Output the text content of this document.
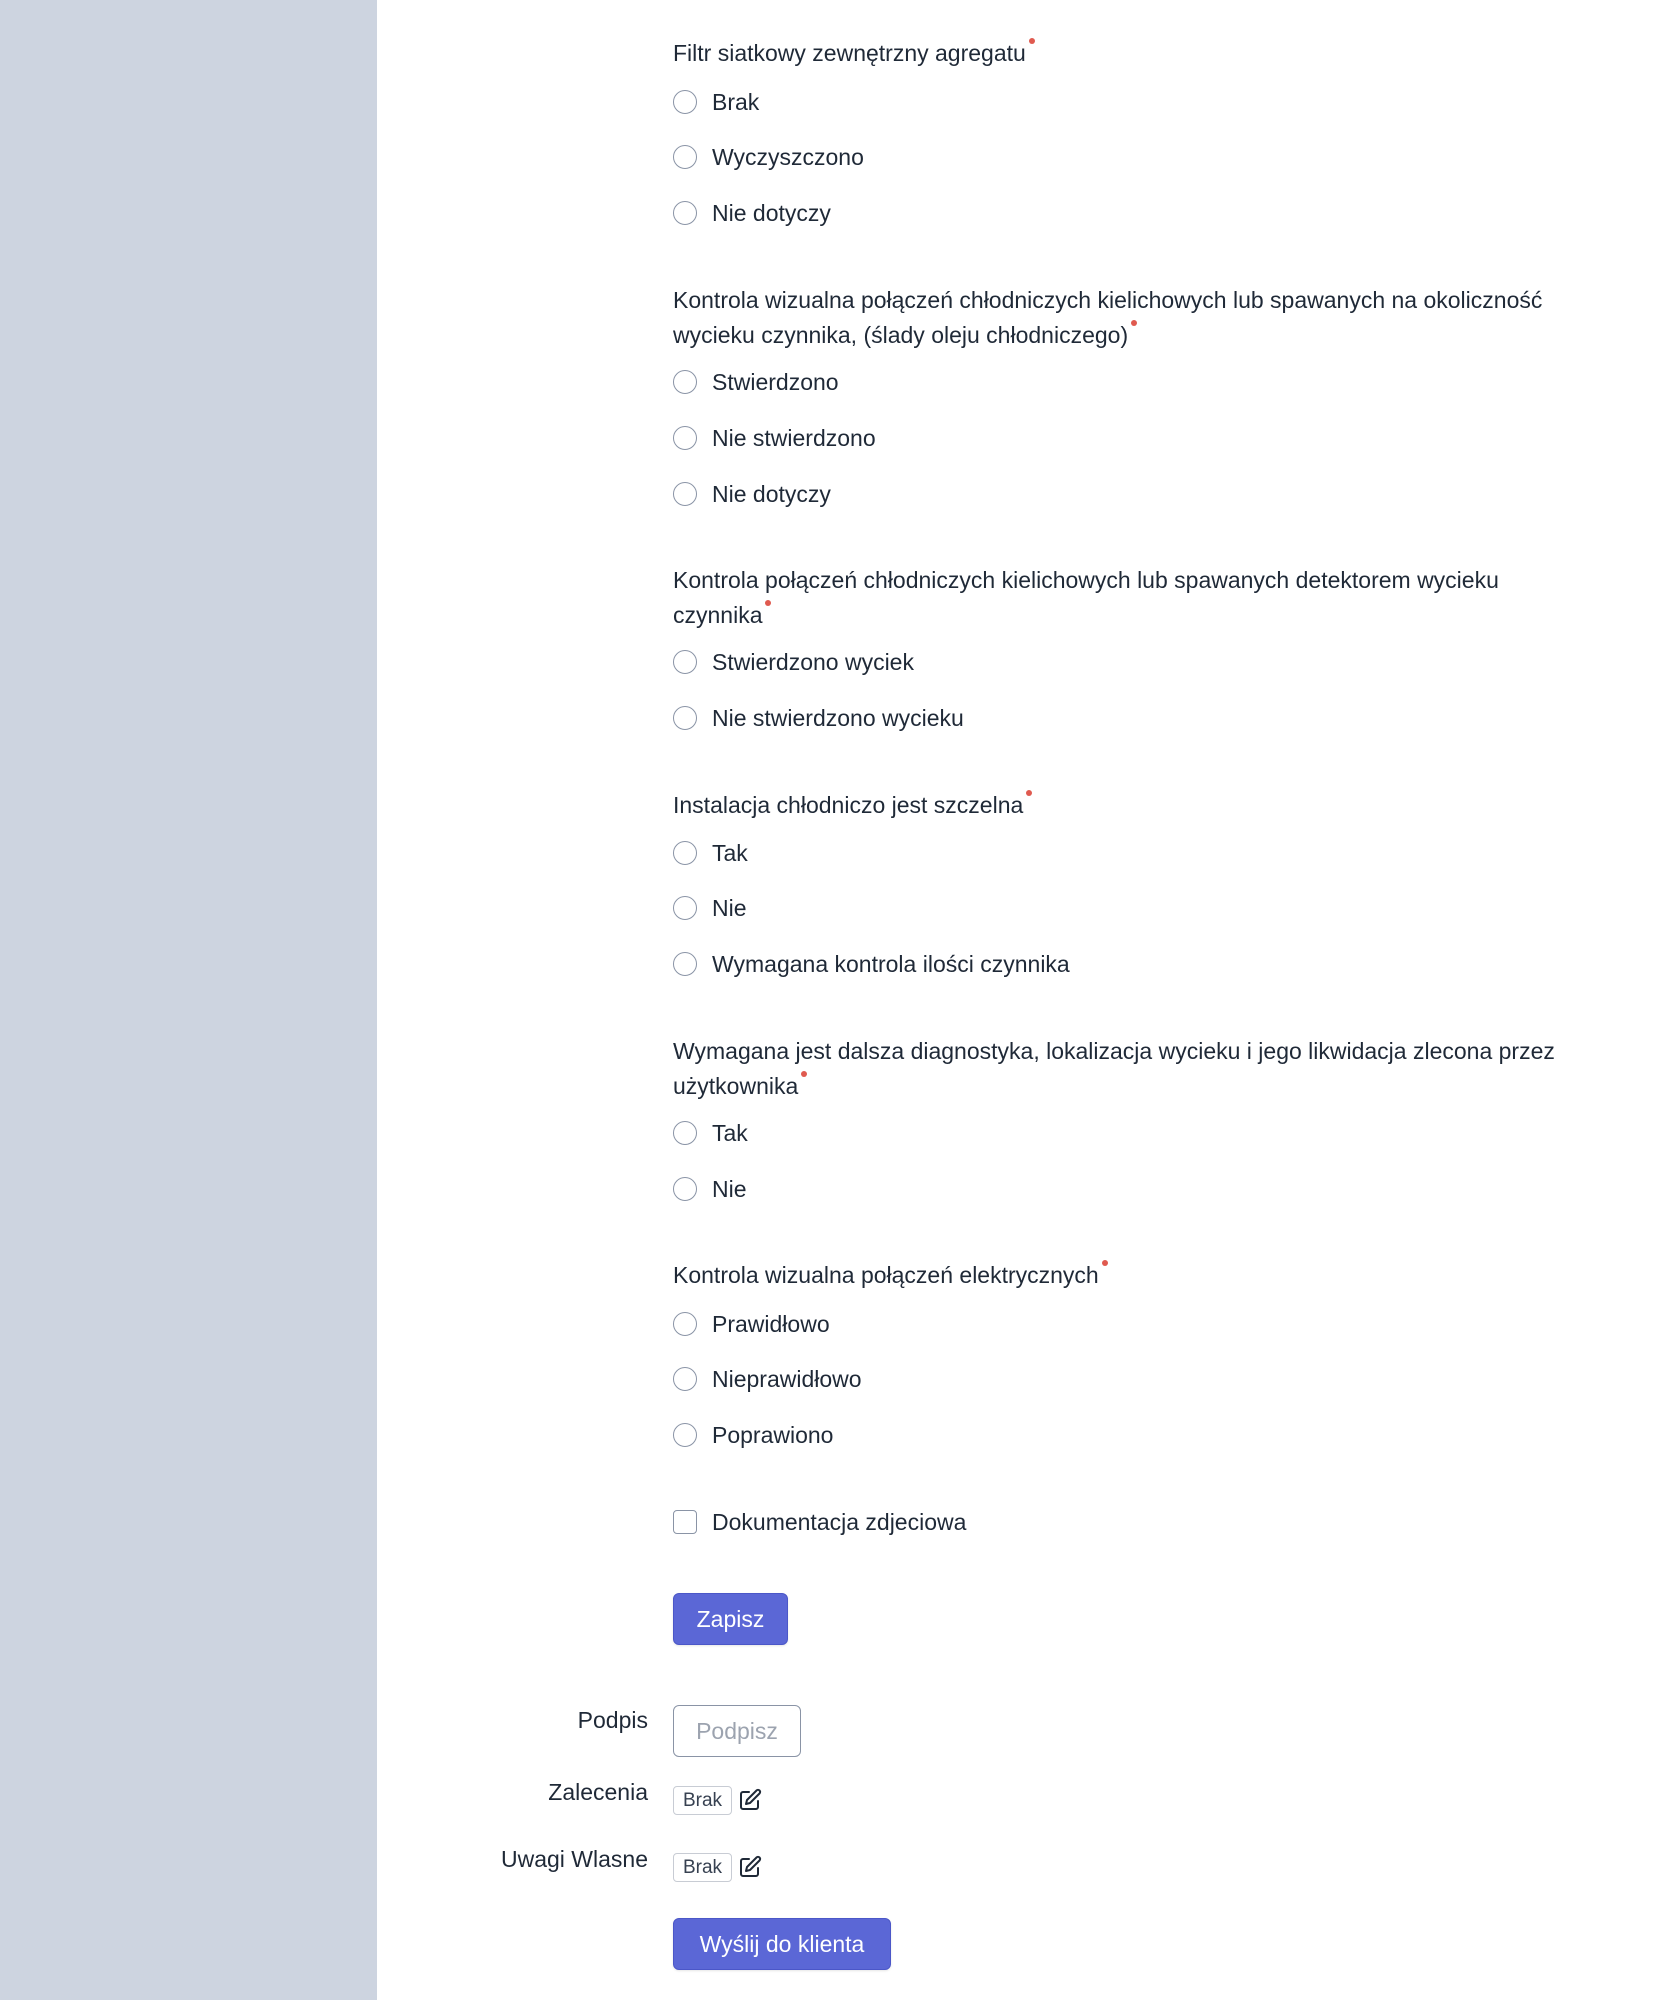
Filtr siatkowy zewnętrzny agregatu
Brak
Wyczyszczono
Nie dotyczy
Kontrola wizualna połączeń chłodniczych kielichowych lub spawanych na okoliczność
wycieku czynnika, (ślady oleju chłodniczego)
Stwierdzono
Nie stwierdzono
Nie dotyczy
Kontrola połączeń chłodniczych kielichowych lub spawanych detektorem wycieku
czynnika
Stwierdzono wyciek
Nie stwierdzono wycieku
Instalacja chłodniczo jest szczelna
Tak
Nie
Wymagana kontrola ilości czynnika
Wymagana jest dalsza diagnostyka, lokalizacja wycieku i jego likwidacja zlecona przez
użytkownika
Tak
Nie
Kontrola wizualna połączeń elektrycznych
Prawidłowo
Nieprawidłowo
Poprawiono
Dokumentacja zdjeciowa
Zapisz
Podpis	Podpisz
Zalecenia	Brak
Uwagi Wlasne	Brak
Wyślij do klienta
